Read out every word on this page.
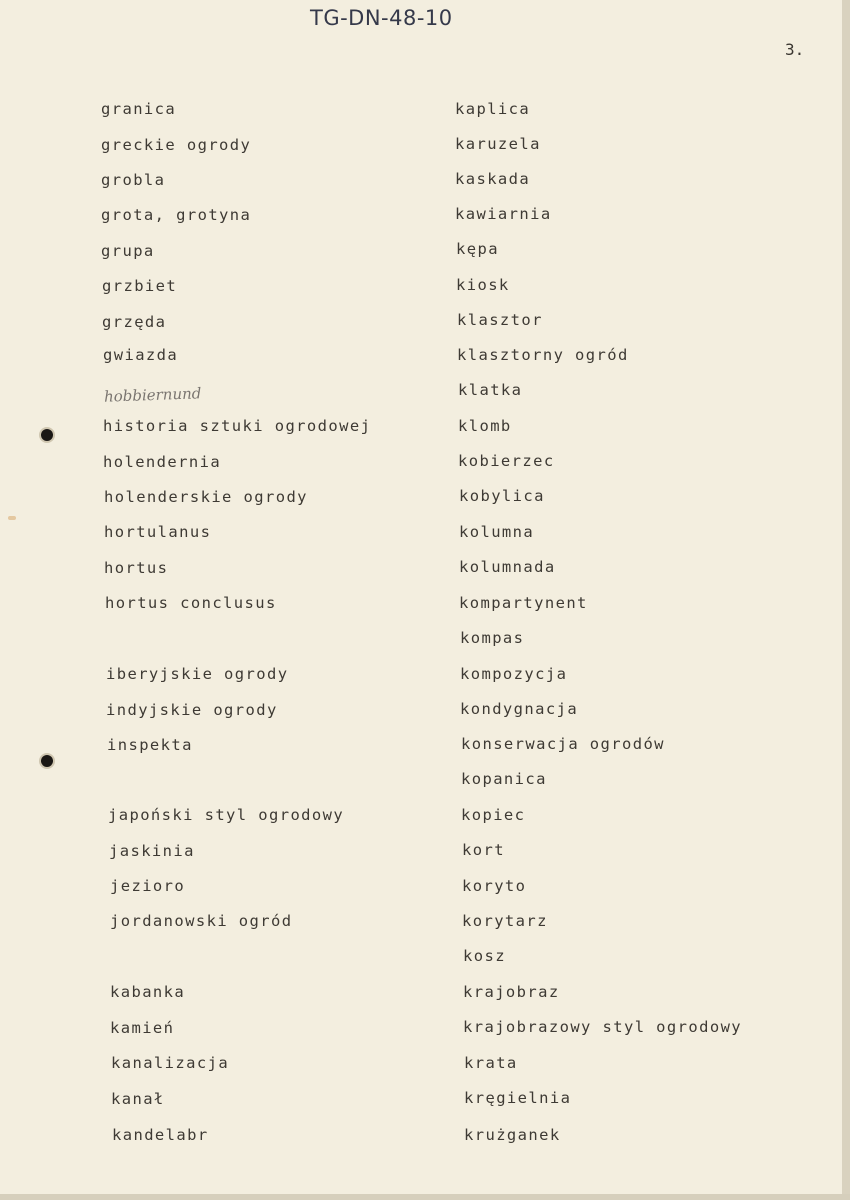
TG-DN-48-10
3.
hobbiernund
granica
greckie ogrody
grobla
grota, grotyna
grupa
grzbiet
grzęda
gwiazda
historia sztuki ogrodowej
holendernia
holenderskie ogrody
hortulanus
hortus
hortus conclusus
iberyjskie ogrody
indyjskie ogrody
inspekta
japoński styl ogrodowy
jaskinia
jezioro
jordanowski ogród
kabanka
kamień
kanalizacja
kanał
kandelabr
kaplica
karuzela
kaskada
kawiarnia
kępa
kiosk
klasztor
klasztorny ogród
klatka
klomb
kobierzec
kobylica
kolumna
kolumnada
kompartynent
kompas
kompozycja
kondygnacja
konserwacja ogrodów
kopanica
kopiec
kort
koryto
korytarz
kosz
krajobraz
krajobrazowy styl ogrodowy
krata
kręgielnia
krużganek
